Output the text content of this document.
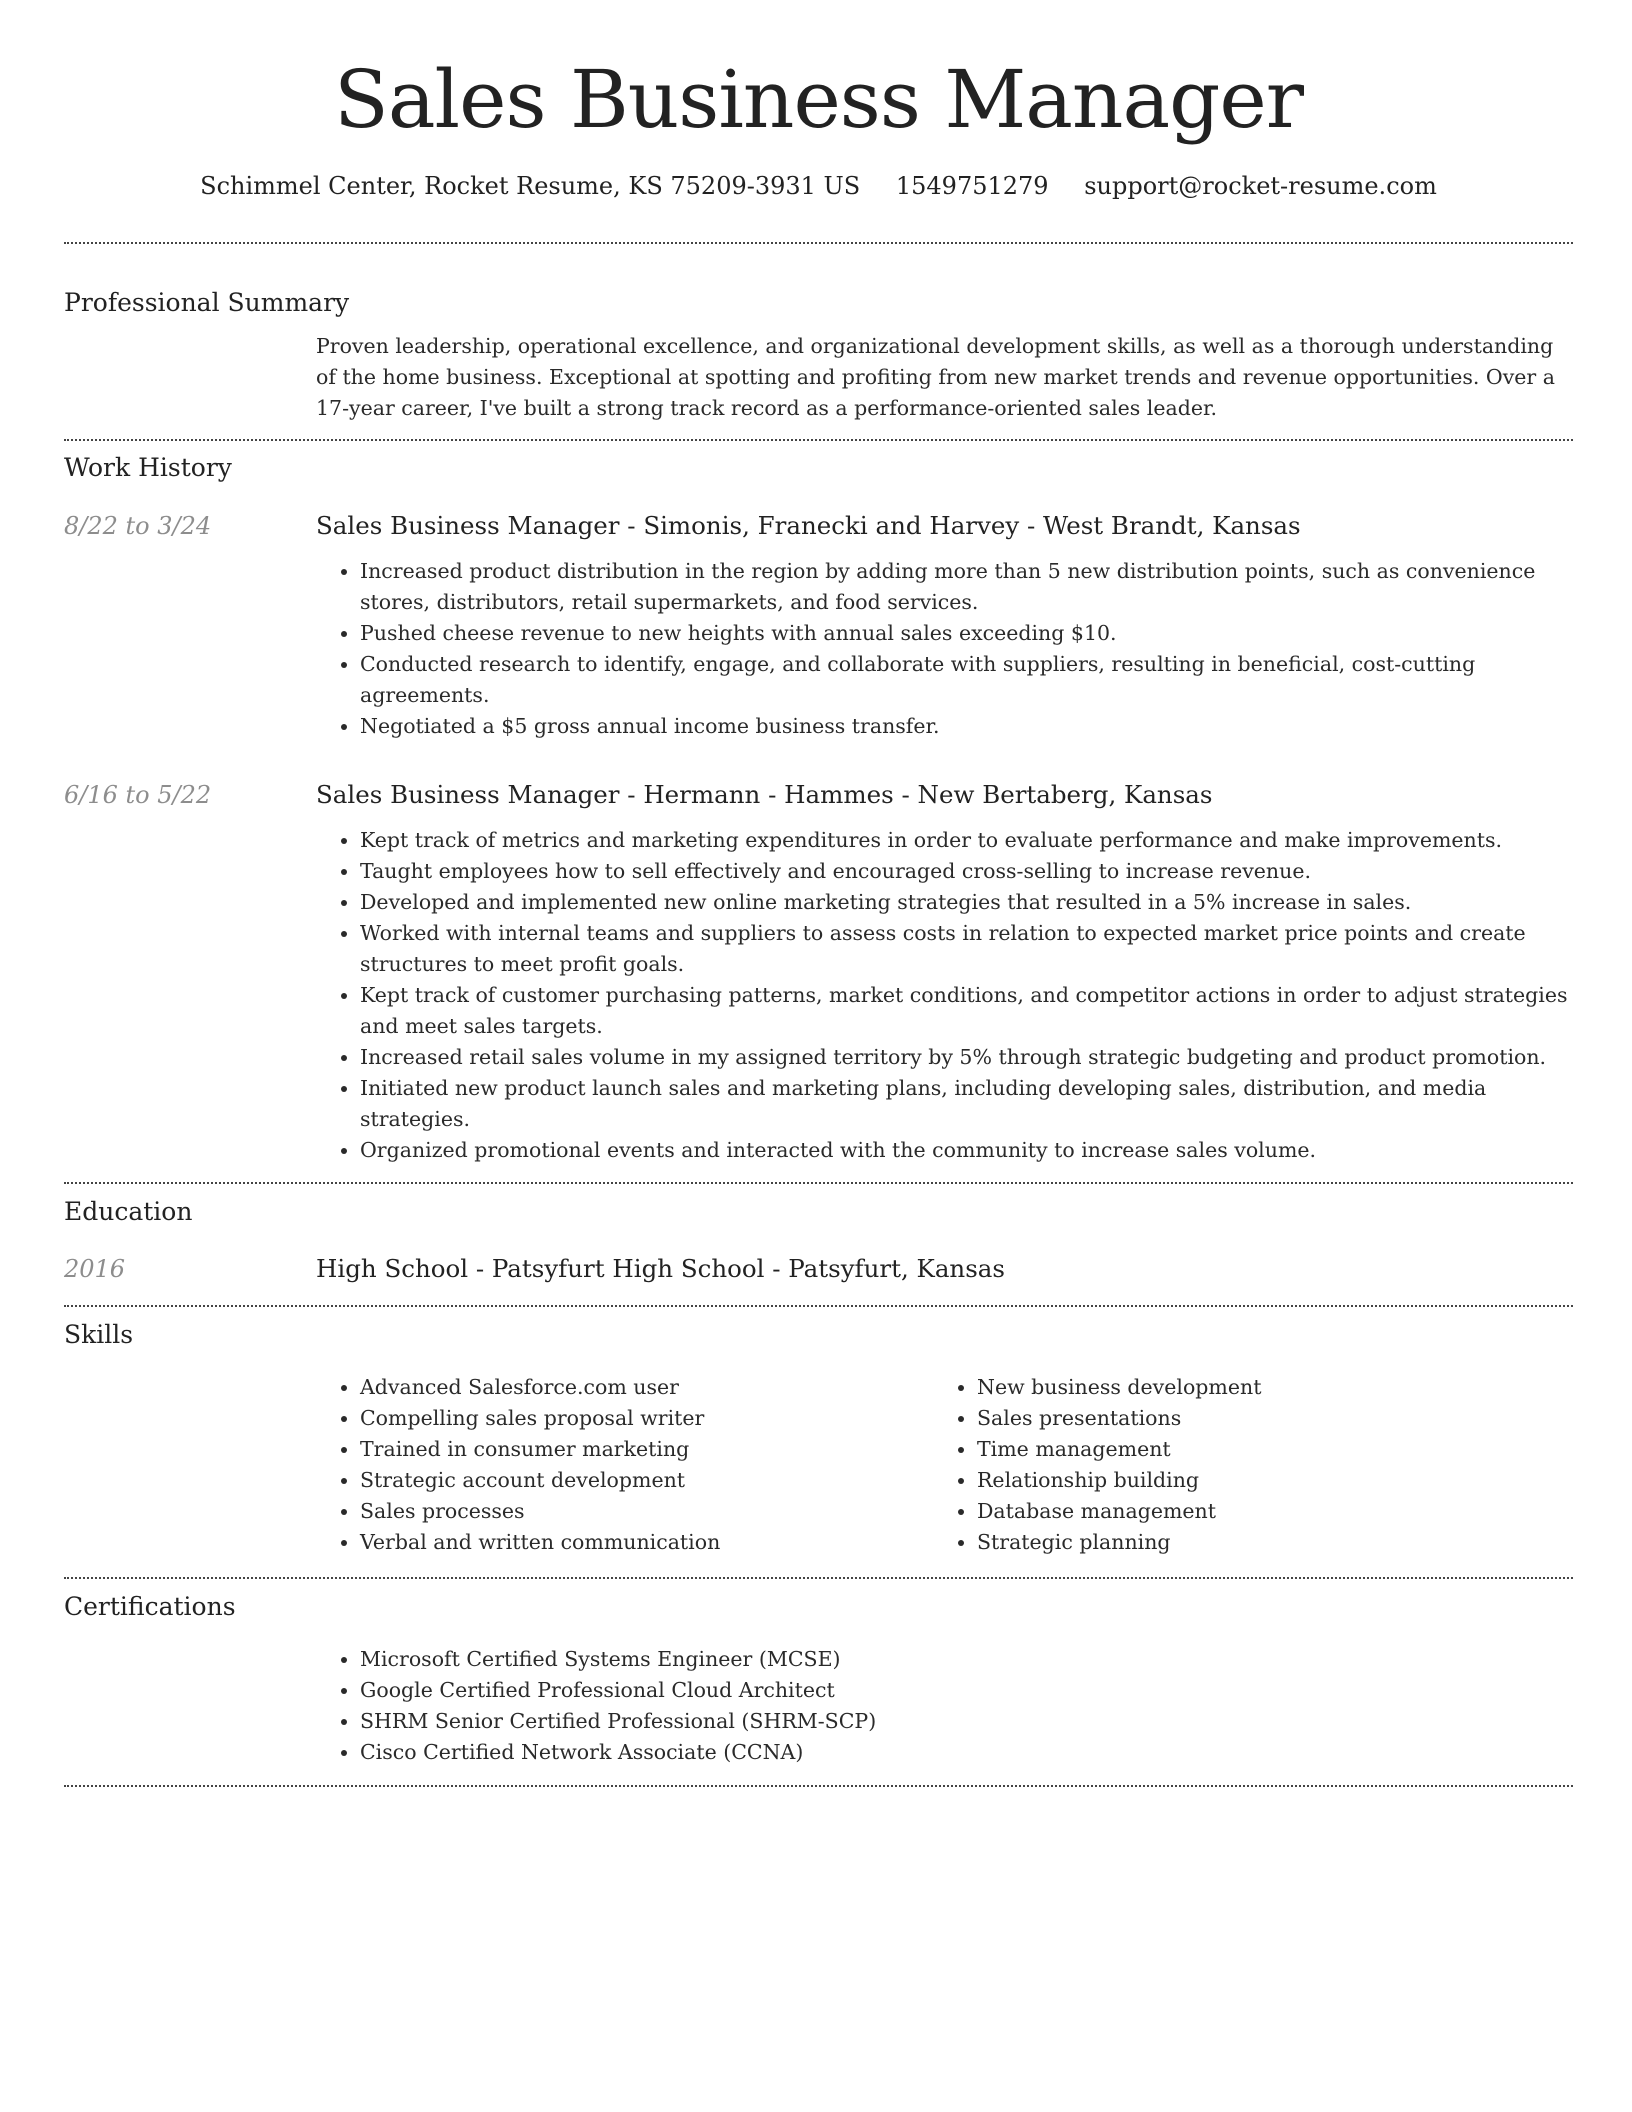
Sales Business Manager
Schimmel Center, Rocket Resume, KS 75209-3931 US 1549751279 support@rocket-resume.com
Professional Summary
Proven leadership, operational excellence, and organizational development skills, as well as a thorough understanding of the home business. Exceptional at spotting and profiting from new market trends and revenue opportunities. Over a 17-year career, I've built a strong track record as a performance-oriented sales leader.
Work History
8/22 to 3/24	Sales Business Manager - Simonis, Franecki and Harvey - West Brandt, Kansas
• Increased product distribution in the region by adding more than 5 new distribution points, such as convenience stores, distributors, retail supermarkets, and food services.
• Pushed cheese revenue to new heights with annual sales exceeding $10.
• Conducted research to identify, engage, and collaborate with suppliers, resulting in beneficial, cost-cutting agreements.
• Negotiated a $5 gross annual income business transfer.
6/16 to 5/22	Sales Business Manager - Hermann - Hammes - New Bertaberg, Kansas
• Kept track of metrics and marketing expenditures in order to evaluate performance and make improvements.
• Taught employees how to sell effectively and encouraged cross-selling to increase revenue.
• Developed and implemented new online marketing strategies that resulted in a 5% increase in sales.
• Worked with internal teams and suppliers to assess costs in relation to expected market price points and create structures to meet profit goals.
• Kept track of customer purchasing patterns, market conditions, and competitor actions in order to adjust strategies and meet sales targets.
• Increased retail sales volume in my assigned territory by 5% through strategic budgeting and product promotion.
• Initiated new product launch sales and marketing plans, including developing sales, distribution, and media strategies.
• Organized promotional events and interacted with the community to increase sales volume.
Education
2016	High School - Patsyfurt High School - Patsyfurt, Kansas
Skills
• Advanced Salesforce.com user
• Compelling sales proposal writer
• Trained in consumer marketing
• Strategic account development
• Sales processes
• Verbal and written communication
• New business development
• Sales presentations
• Time management
• Relationship building
• Database management
• Strategic planning
Certifications
• Microsoft Certified Systems Engineer (MCSE)
• Google Certified Professional Cloud Architect
• SHRM Senior Certified Professional (SHRM-SCP)
• Cisco Certified Network Associate (CCNA)
